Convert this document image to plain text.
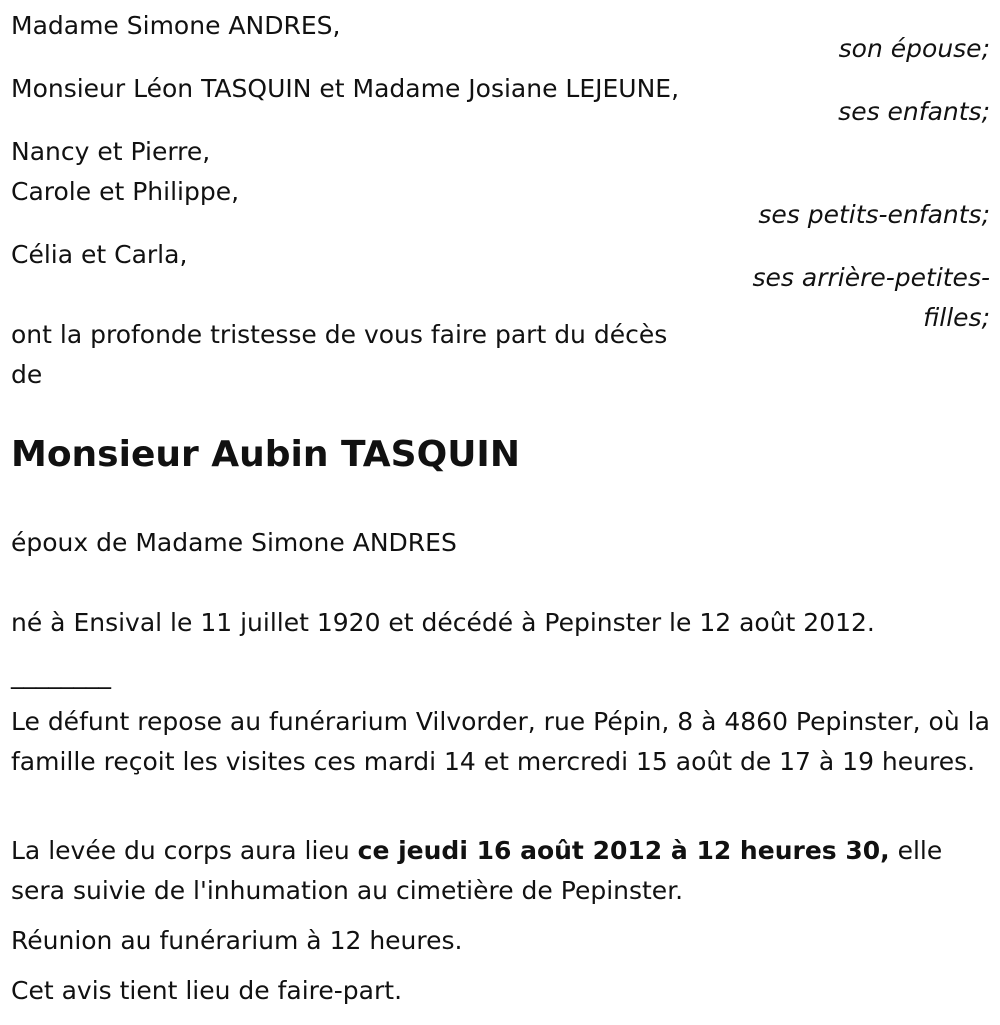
Madame Simone ANDRES,
son épouse;
Monsieur Léon TASQUIN et Madame Josiane LEJEUNE,
ses enfants;
Nancy et Pierre,
Carole et Philippe,
ses petits-enfants;
Célia et Carla,
ses arrière-petites-
filles;
ont la profonde tristesse de vous faire part du décès
de
Monsieur Aubin TASQUIN
époux de Madame Simone ANDRES
né à Ensival le 11 juillet 1920 et décédé à Pepinster le 12 août 2012.
________
Le défunt repose au funérarium Vilvorder, rue Pépin, 8 à 4860 Pepinster, où la famille reçoit les visites ces mardi 14 et mercredi 15 août de 17 à 19 heures.
La levée du corps aura lieu ce jeudi 16 août 2012 à 12 heures 30, elle sera suivie de l'inhumation au cimetière de Pepinster.
Réunion au funérarium à 12 heures.
Cet avis tient lieu de faire-part.
